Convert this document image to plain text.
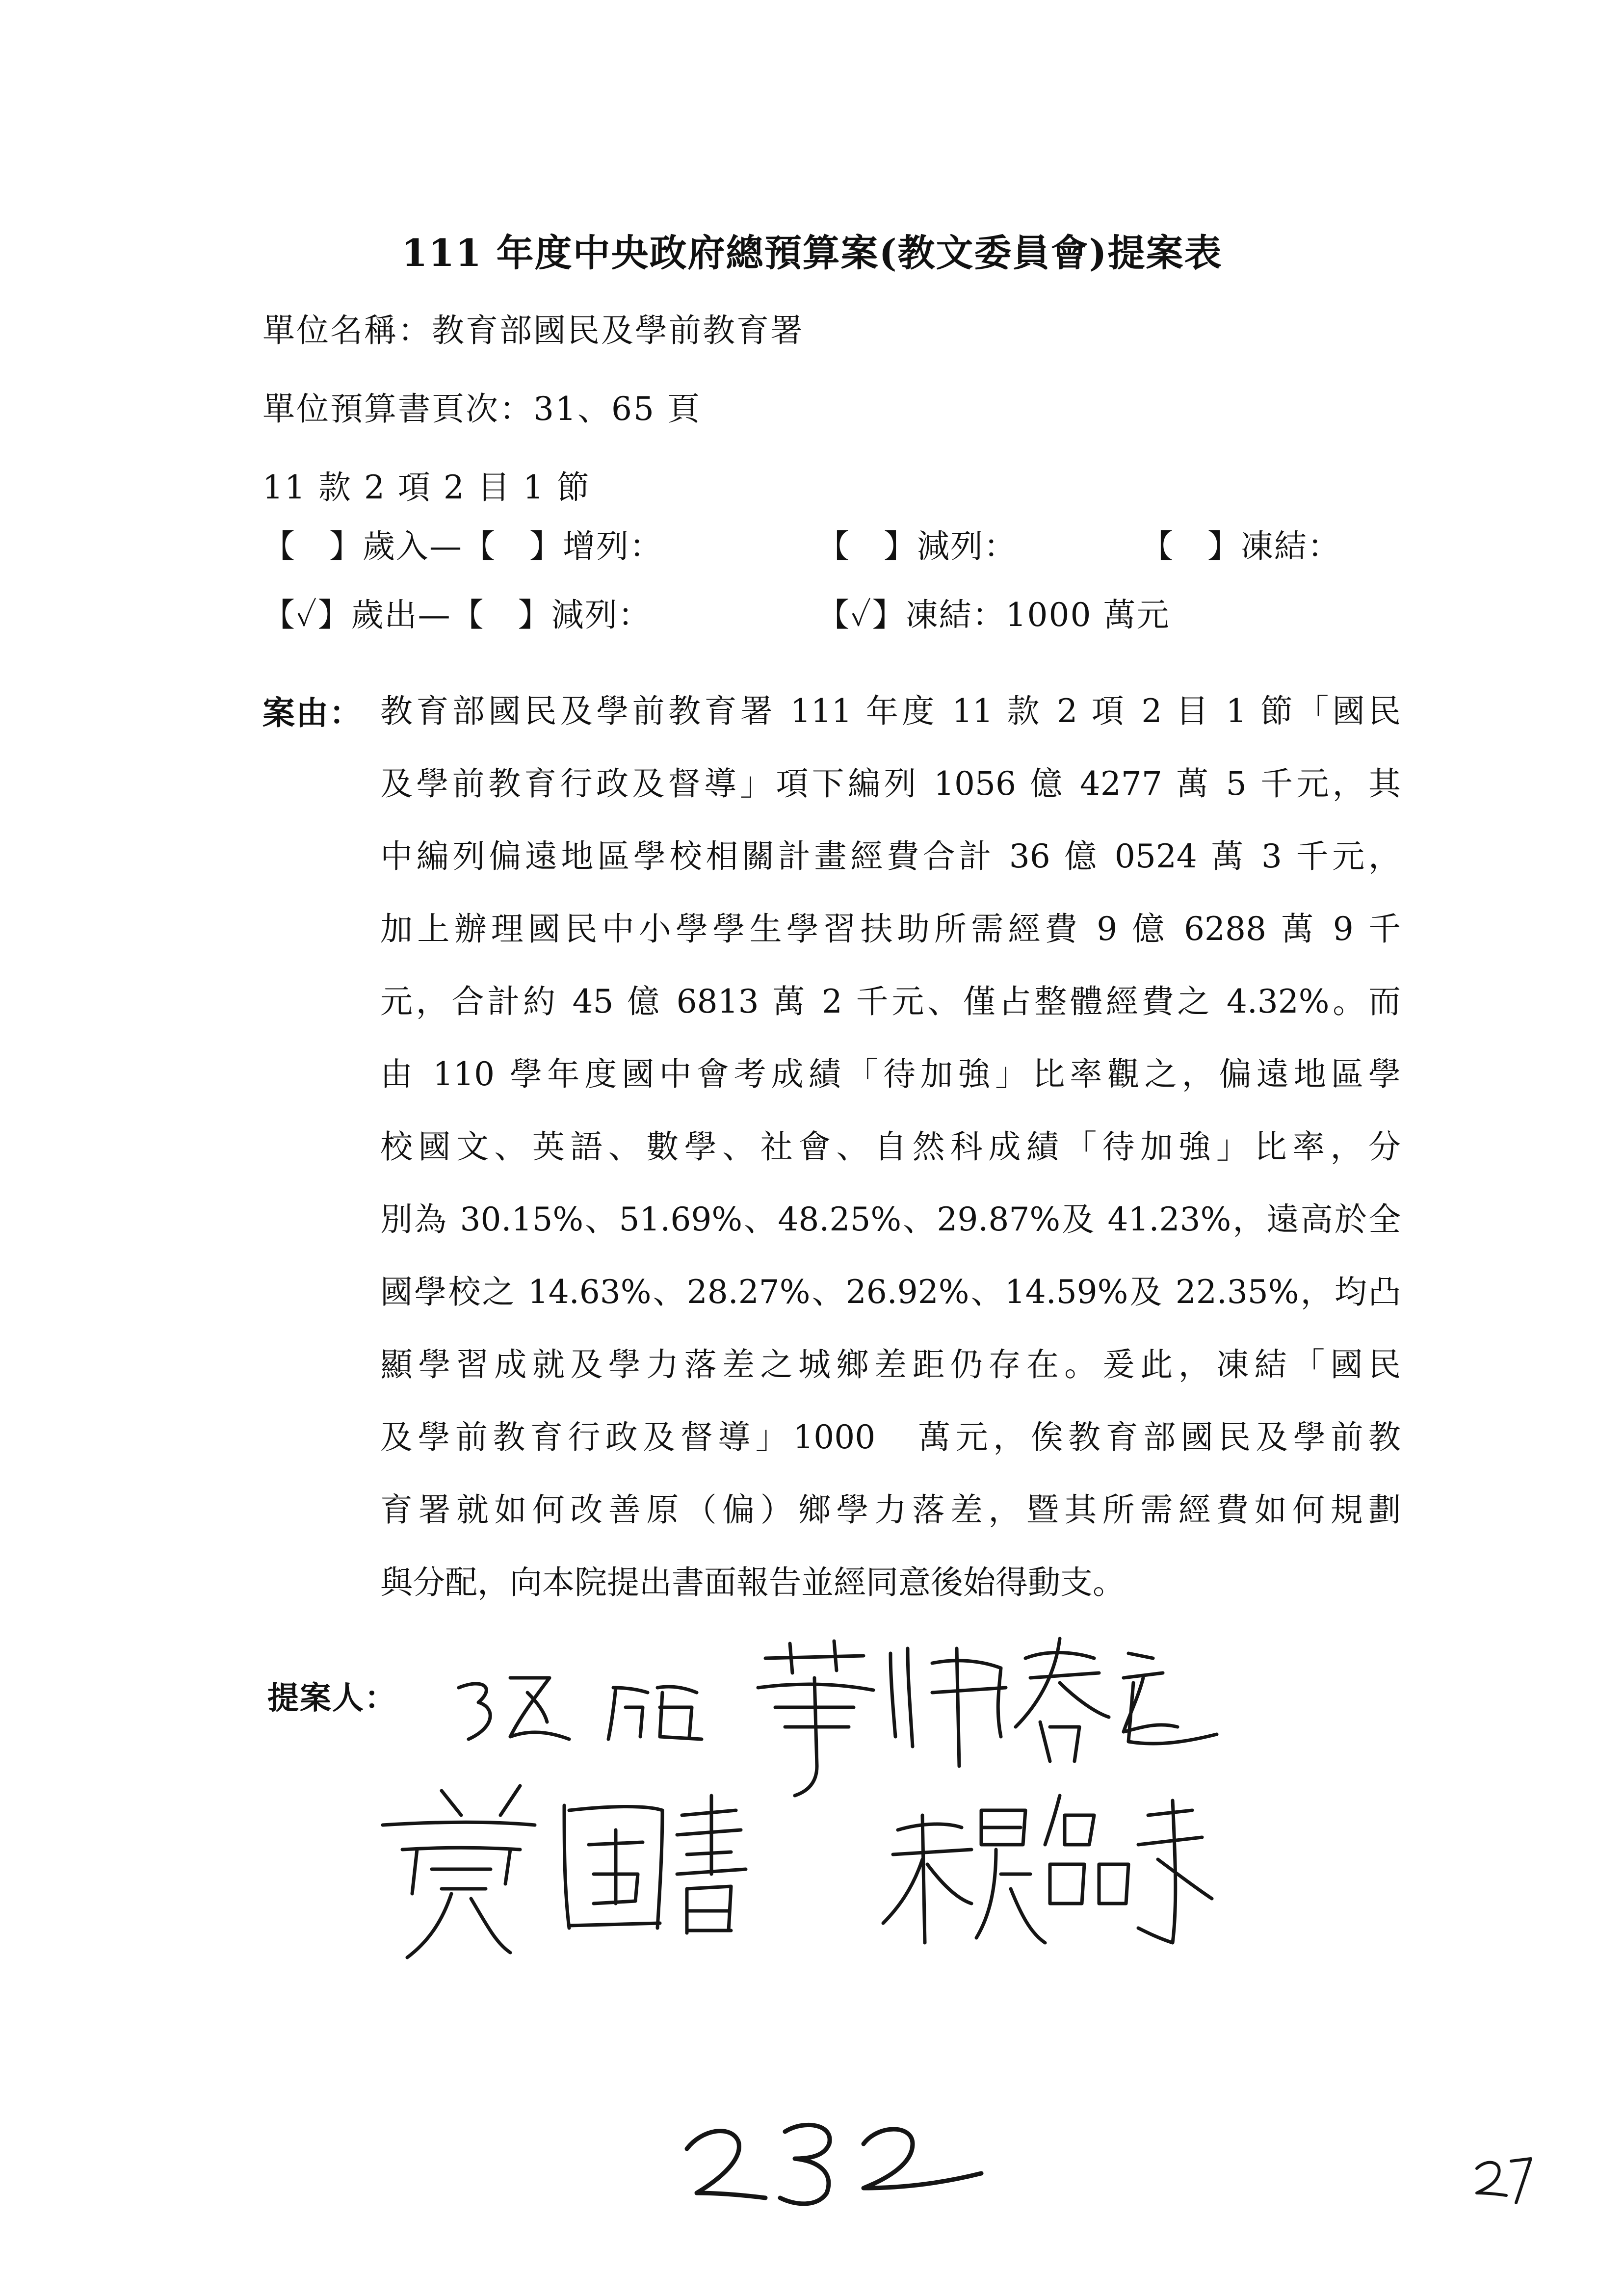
111 年度中央政府總預算案(教文委員會)提案表
單位名稱：教育部國民及學前教育署
單位預算書頁次：31、65 頁
11 款 2 項 2 目 1 節
【　】歲入—【　】增列：	【　】減列：	【　】凍結：
【✓】歲出—【　】減列：	【✓】凍結：1000 萬元
案由： 教育部國民及學前教育署 111 年度 11 款 2 項 2 目 1 節「國民
及學前教育行政及督導」項下編列 1056 億 4277 萬 5 千元，其
中編列偏遠地區學校相關計畫經費合計 36 億 0524 萬 3 千元，
加上辦理國民中小學學生學習扶助所需經費 9 億 6288 萬 9 千
元，合計約 45 億 6813 萬 2 千元、僅占整體經費之 4.32%。而
由 110 學年度國中會考成績「待加強」比率觀之，偏遠地區學
校國文、英語、數學、社會、自然科成績「待加強」比率，分
別為 30.15%、51.69%、48.25%、29.87%及 41.23%，遠高於全
國學校之 14.63%、28.27%、26.92%、14.59%及 22.35%，均凸
顯學習成就及學力落差之城鄉差距仍存在。爰此，凍結「國民
及學前教育行政及督導」1000　萬元，俟教育部國民及學前教
育署就如何改善原（偏）鄉學力落差，暨其所需經費如何規劃
與分配，向本院提出書面報告並經同意後始得動支。
提案人：
